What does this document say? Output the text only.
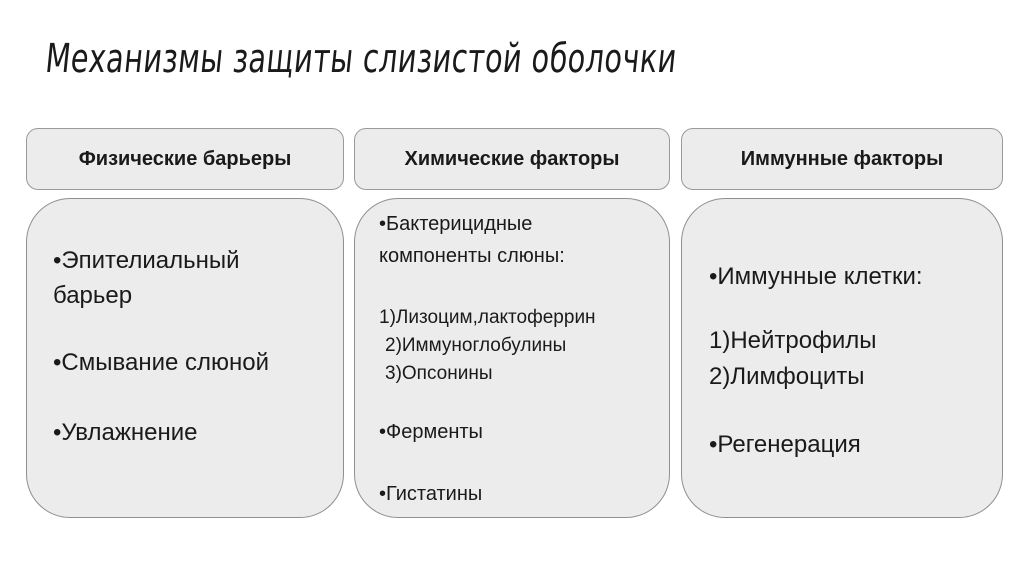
Механизмы защиты слизистой оболочки
Физические барьеры	Химические факторы	Иммунные факторы
•Эпителиальный
барьер
•Смывание слюной
•Увлажнение
•Бактерицидные
компоненты слюны:
1)Лизоцим,лактоферрин
2)Иммуноглобулины
3)Опсонины
•Ферменты
•Гистатины
•Иммунные клетки:
1)Нейтрофилы
2)Лимфоциты
•Регенерация
